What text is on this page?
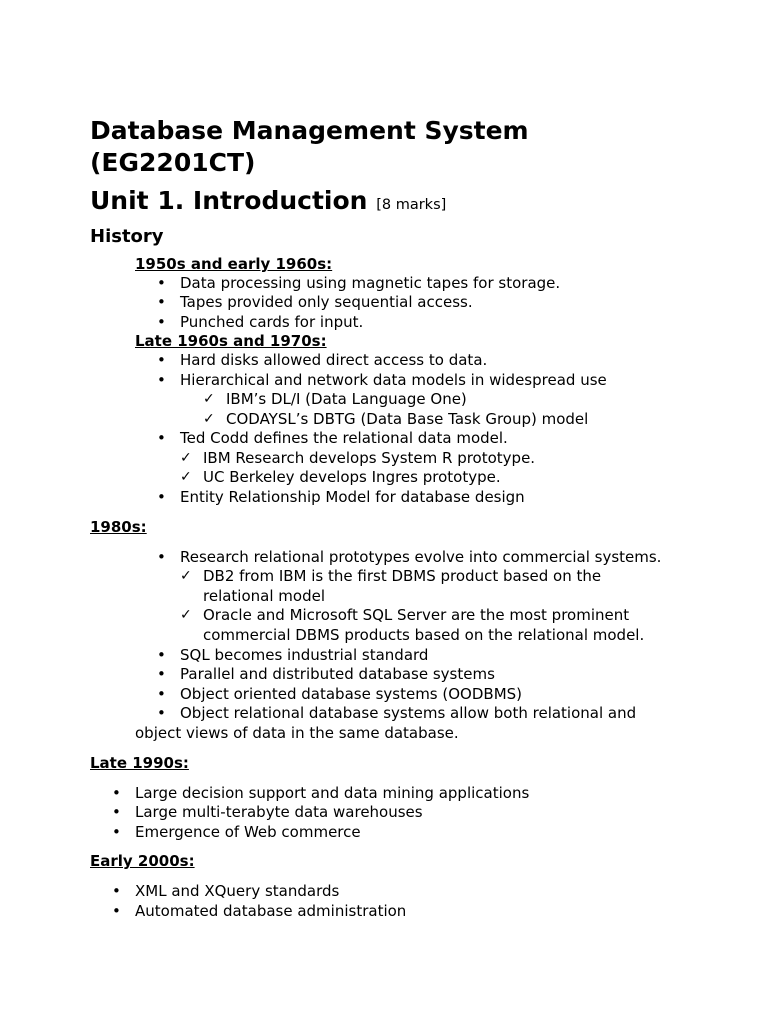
Database Management System
(EG2201CT)
Unit 1. Introduction [8 marks]
History
1950s and early 1960s:
• Data processing using magnetic tapes for storage.
• Tapes provided only sequential access.
• Punched cards for input.
Late 1960s and 1970s:
• Hard disks allowed direct access to data.
• Hierarchical and network data models in widespread use
✓ IBM’s DL/I (Data Language One)
✓ CODAYSL’s DBTG (Data Base Task Group) model
• Ted Codd defines the relational data model.
✓ IBM Research develops System R prototype.
✓ UC Berkeley develops Ingres prototype.
• Entity Relationship Model for database design
1980s:
• Research relational prototypes evolve into commercial systems.
✓ DB2 from IBM is the first DBMS product based on the
relational model
✓ Oracle and Microsoft SQL Server are the most prominent
commercial DBMS products based on the relational model.
• SQL becomes industrial standard
• Parallel and distributed database systems
• Object oriented database systems (OODBMS)
• Object relational database systems allow both relational and
object views of data in the same database.
Late 1990s:
• Large decision support and data mining applications
• Large multi-terabyte data warehouses
• Emergence of Web commerce
Early 2000s:
• XML and XQuery standards
• Automated database administration
